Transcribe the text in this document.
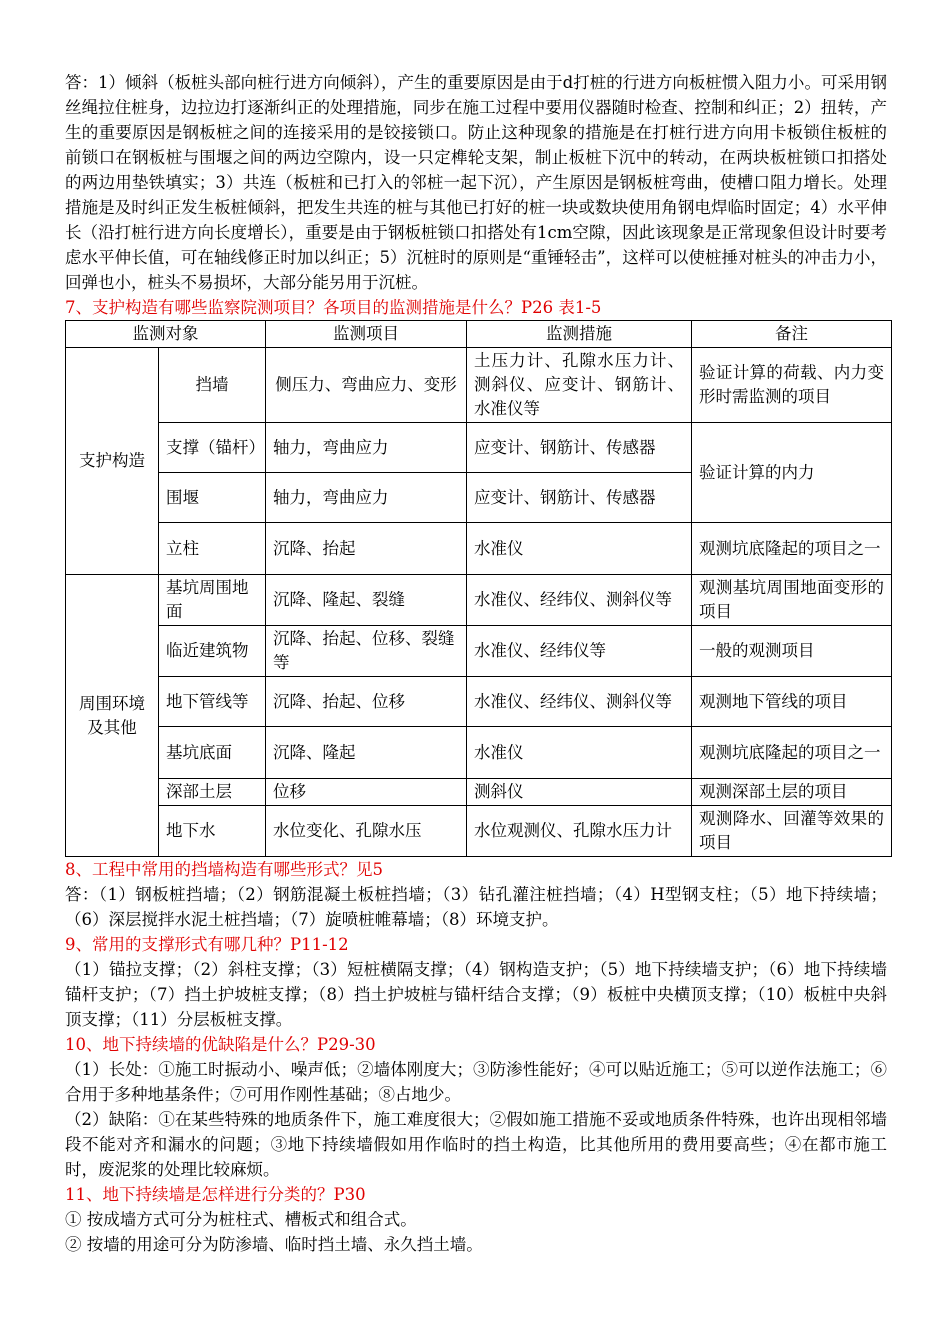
答：1）倾斜（板桩头部向桩行进方向倾斜），产生的重要原因是由于d打桩的行进方向板桩惯入阻力小。可采用钢丝绳拉住桩身，边拉边打逐渐纠正的处理措施，同步在施工过程中要用仪器随时检查、控制和纠正；2）扭转，产生的重要原因是钢板桩之间的连接采用的是铰接锁口。防止这种现象的措施是在打桩行进方向用卡板锁住板桩的前锁口在钢板桩与围堰之间的两边空隙内，设一只定榫轮支架，制止板桩下沉中的转动，在两块板桩锁口扣搭处的两边用垫铁填实；3）共连（板桩和已打入的邻桩一起下沉），产生原因是钢板桩弯曲，使槽口阻力增长。处理措施是及时纠正发生板桩倾斜，把发生共连的桩与其他已打好的桩一块或数块使用角钢电焊临时固定；4）水平伸长（沿打桩行进方向长度增长），重要是由于钢板桩锁口扣搭处有1cm空隙，因此该现象是正常现象但设计时要考虑水平伸长值，可在轴线修正时加以纠正；5）沉桩时的原则是“重锤轻击”，这样可以使桩捶对桩头的冲击力小，回弹也小，桩头不易损坏，大部分能另用于沉桩。

7、支护构造有哪些监察院测项目？各项目的监测措施是什么？P26 表1-5

监测对象		监测项目	监测措施	备注
支护构造	挡墙	侧压力、弯曲应力、变形	土压力计、孔隙水压力计、测斜仪、应变计、钢筋计、水准仪等	验证计算的荷载、内力变形时需监测的项目
	支撑（锚杆）	轴力，弯曲应力	应变计、钢筋计、传感器	验证计算的内力
	围堰	轴力，弯曲应力	应变计、钢筋计、传感器	
	立柱	沉降、抬起	水准仪	观测坑底隆起的项目之一
周围环境及其他	基坑周围地面	沉降、隆起、裂缝	水准仪、经纬仪、测斜仪等	观测基坑周围地面变形的项目
	临近建筑物	沉降、抬起、位移、裂缝等	水准仪、经纬仪等	一般的观测项目
	地下管线等	沉降、抬起、位移	水准仪、经纬仪、测斜仪等	观测地下管线的项目
	基坑底面	沉降、隆起	水准仪	观测坑底隆起的项目之一
	深部土层	位移	测斜仪	观测深部土层的项目
	地下水	水位变化、孔隙水压	水位观测仪、孔隙水压力计	观测降水、回灌等效果的项目

8、工程中常用的挡墙构造有哪些形式？见5

答：（1）钢板桩挡墙；（2）钢筋混凝土板桩挡墙；（3）钻孔灌注桩挡墙；（4）H型钢支柱；（5）地下持续墙；（6）深层搅拌水泥土桩挡墙；（7）旋喷桩帷幕墙；（8）环境支护。

9、常用的支撑形式有哪几种？P11-12

（1）锚拉支撑；（2）斜柱支撑；（3）短桩横隔支撑；（4）钢构造支护；（5）地下持续墙支护；（6）地下持续墙锚杆支护；（7）挡土护坡桩支撑；（8）挡土护坡桩与锚杆结合支撑；（9）板桩中央横顶支撑；（10）板桩中央斜顶支撑；（11）分层板桩支撑。

10、地下持续墙的优缺陷是什么？P29-30

（1）长处：①施工时振动小、噪声低；②墙体刚度大；③防渗性能好；④可以贴近施工；⑤可以逆作法施工；⑥合用于多种地基条件；⑦可用作刚性基础；⑧占地少。

（2）缺陷：①在某些特殊的地质条件下，施工难度很大；②假如施工措施不妥或地质条件特殊，也许出现相邻墙段不能对齐和漏水的问题；③地下持续墙假如用作临时的挡土构造，比其他所用的费用要高些；④在都市施工时，废泥浆的处理比较麻烦。

11、地下持续墙是怎样进行分类的？P30

① 按成墙方式可分为桩柱式、槽板式和组合式。

② 按墙的用途可分为防渗墙、临时挡土墙、永久挡土墙。
